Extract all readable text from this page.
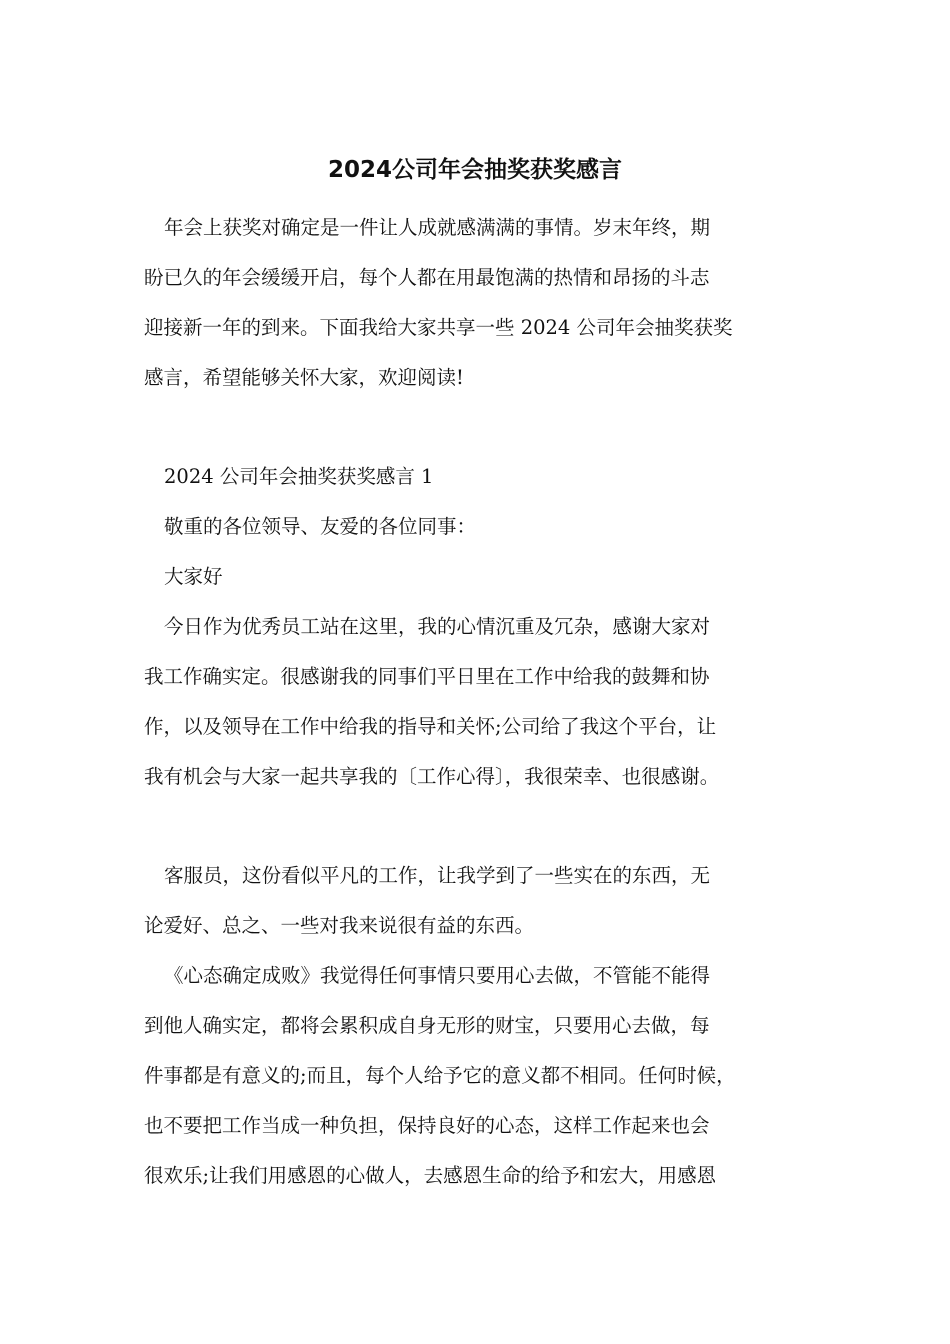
2024公司年会抽奖获奖感言

年会上获奖对确定是一件让人成就感满满的事情。岁末年终，期
盼已久的年会缓缓开启，每个人都在用最饱满的热情和昂扬的斗志
迎接新一年的到来。下面我给大家共享一些 2024 公司年会抽奖获奖
感言，希望能够关怀大家，欢迎阅读!

2024 公司年会抽奖获奖感言 1

敬重的各位领导、友爱的各位同事：

大家好

今日作为优秀员工站在这里，我的心情沉重及冗杂，感谢大家对
我工作确实定。很感谢我的同事们平日里在工作中给我的鼓舞和协
作，以及领导在工作中给我的指导和关怀;公司给了我这个平台，让
我有机会与大家一起共享我的〔工作心得〕，我很荣幸、也很感谢。

客服员，这份看似平凡的工作，让我学到了一些实在的东西，无
论爱好、总之、一些对我来说很有益的东西。

《心态确定成败》我觉得任何事情只要用心去做，不管能不能得
到他人确实定，都将会累积成自身无形的财宝，只要用心去做，每
件事都是有意义的;而且，每个人给予它的意义都不相同。任何时候，
也不要把工作当成一种负担，保持良好的心态，这样工作起来也会
很欢乐;让我们用感恩的心做人，去感恩生命的给予和宏大，用感恩
